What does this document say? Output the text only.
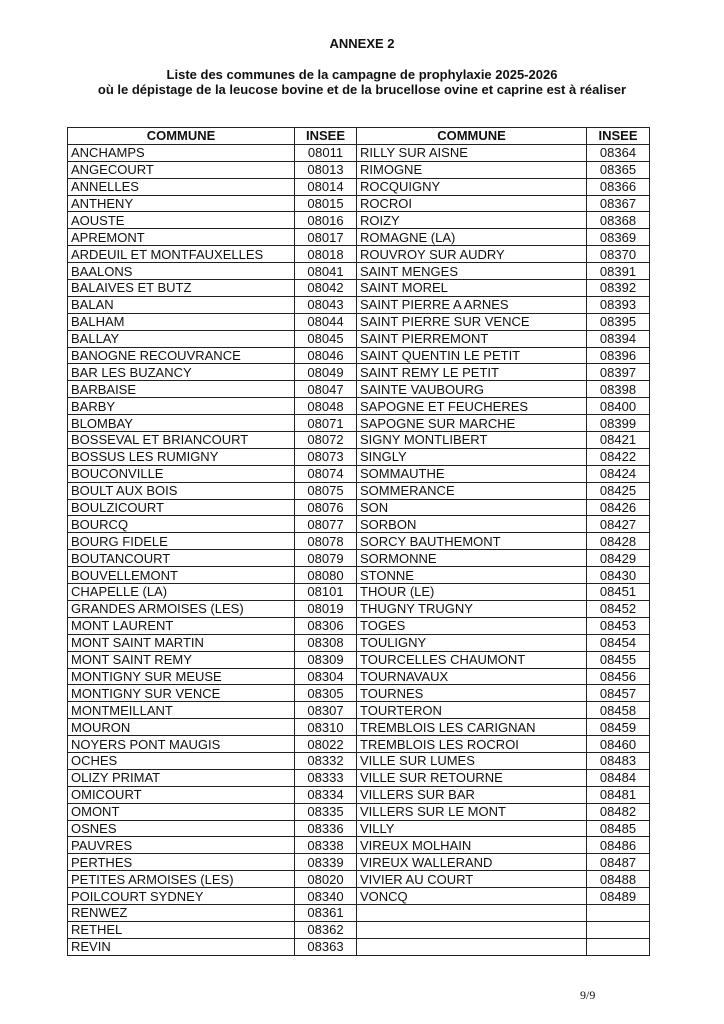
ANNEXE 2
Liste des communes de la campagne de prophylaxie 2025-2026
où le dépistage de la leucose bovine et de la brucellose ovine et caprine est à réaliser
COMMUNE	INSEE	COMMUNE	INSEE
ANCHAMPS	08011	RILLY SUR AISNE	08364
ANGECOURT	08013	RIMOGNE	08365
ANNELLES	08014	ROCQUIGNY	08366
ANTHENY	08015	ROCROI	08367
AOUSTE	08016	ROIZY	08368
APREMONT	08017	ROMAGNE (LA)	08369
ARDEUIL ET MONTFAUXELLES	08018	ROUVROY SUR AUDRY	08370
BAALONS	08041	SAINT MENGES	08391
BALAIVES ET BUTZ	08042	SAINT MOREL	08392
BALAN	08043	SAINT PIERRE A ARNES	08393
BALHAM	08044	SAINT PIERRE SUR VENCE	08395
BALLAY	08045	SAINT PIERREMONT	08394
BANOGNE RECOUVRANCE	08046	SAINT QUENTIN LE PETIT	08396
BAR LES BUZANCY	08049	SAINT REMY LE PETIT	08397
BARBAISE	08047	SAINTE VAUBOURG	08398
BARBY	08048	SAPOGNE ET FEUCHERES	08400
BLOMBAY	08071	SAPOGNE SUR MARCHE	08399
BOSSEVAL ET BRIANCOURT	08072	SIGNY MONTLIBERT	08421
BOSSUS LES RUMIGNY	08073	SINGLY	08422
BOUCONVILLE	08074	SOMMAUTHE	08424
BOULT AUX BOIS	08075	SOMMERANCE	08425
BOULZICOURT	08076	SON	08426
BOURCQ	08077	SORBON	08427
BOURG FIDELE	08078	SORCY BAUTHEMONT	08428
BOUTANCOURT	08079	SORMONNE	08429
BOUVELLEMONT	08080	STONNE	08430
CHAPELLE (LA)	08101	THOUR (LE)	08451
GRANDES ARMOISES (LES)	08019	THUGNY TRUGNY	08452
MONT LAURENT	08306	TOGES	08453
MONT SAINT MARTIN	08308	TOULIGNY	08454
MONT SAINT REMY	08309	TOURCELLES CHAUMONT	08455
MONTIGNY SUR MEUSE	08304	TOURNAVAUX	08456
MONTIGNY SUR VENCE	08305	TOURNES	08457
MONTMEILLANT	08307	TOURTERON	08458
MOURON	08310	TREMBLOIS LES CARIGNAN	08459
NOYERS PONT MAUGIS	08022	TREMBLOIS LES ROCROI	08460
OCHES	08332	VILLE SUR LUMES	08483
OLIZY PRIMAT	08333	VILLE SUR RETOURNE	08484
OMICOURT	08334	VILLERS SUR BAR	08481
OMONT	08335	VILLERS SUR LE MONT	08482
OSNES	08336	VILLY	08485
PAUVRES	08338	VIREUX MOLHAIN	08486
PERTHES	08339	VIREUX WALLERAND	08487
PETITES ARMOISES (LES)	08020	VIVIER AU COURT	08488
POILCOURT SYDNEY	08340	VONCQ	08489
RENWEZ	08361		
RETHEL	08362		
REVIN	08363		
9/9
